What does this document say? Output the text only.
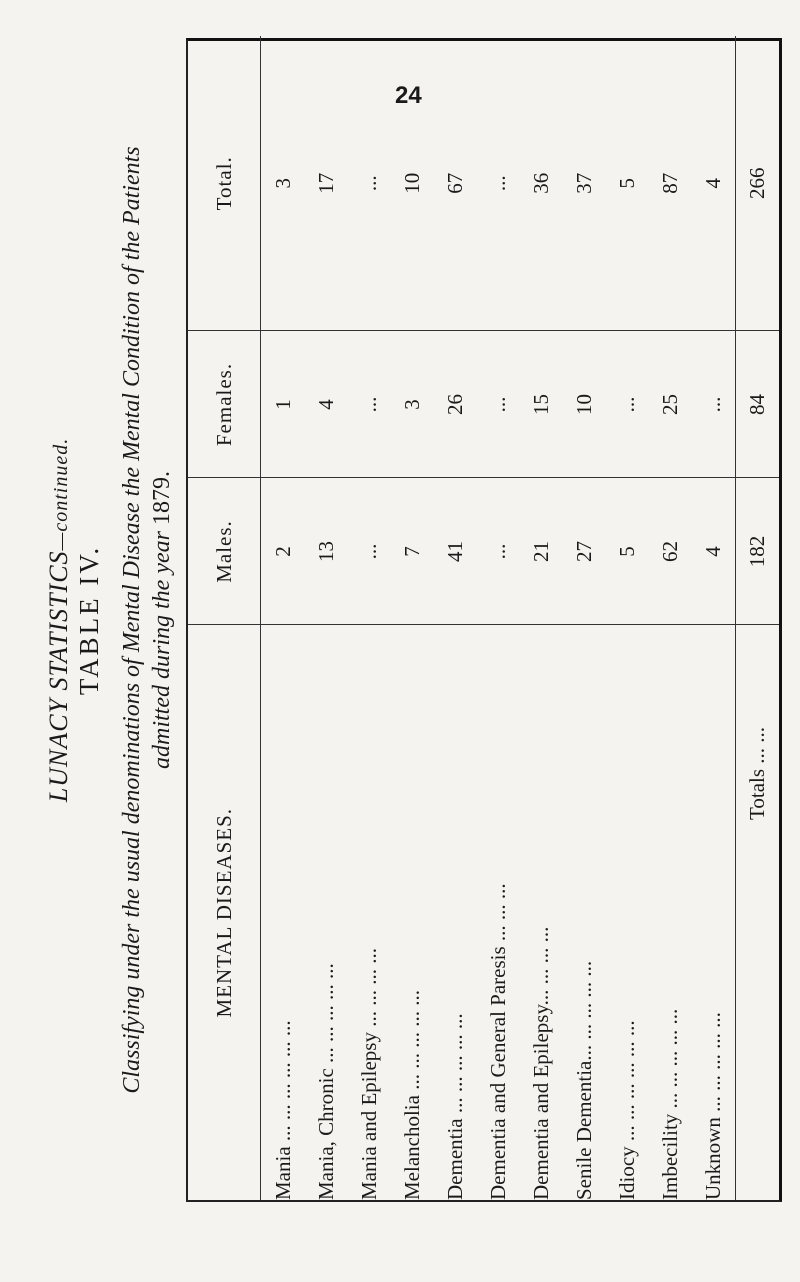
24
LUNACY STATISTICS—continued.
TABLE IV. Classifying under the usual denominations of Mental Disease the Mental Condition of the Patients admitted during the year 1879.
MENTAL DISEASES.	Males.	Females.	Total.
Mania ... ... ... ... ... ...	2	1	3
Mania, Chronic ... ... ... ... ...	13	4	17
Mania and Epilepsy ... ... ... ...	...	...	...
Melancholia ... ... ... ... ...	7	3	10
Dementia ... ... ... ... ...	41	26	67
Dementia and General Paresis ... ... ...	...	...	...
Dementia and Epilepsy... ... ... ...	21	15	36
Senile Dementia... ... ... ... ...	27	10	37
Idiocy ... ... ... ... ... ...	5	...	5
Imbecility ... ... ... ... ...	62	25	87
Unknown ... ... ... ... ...	4	...	4
Totals ... ...	182	84	266
